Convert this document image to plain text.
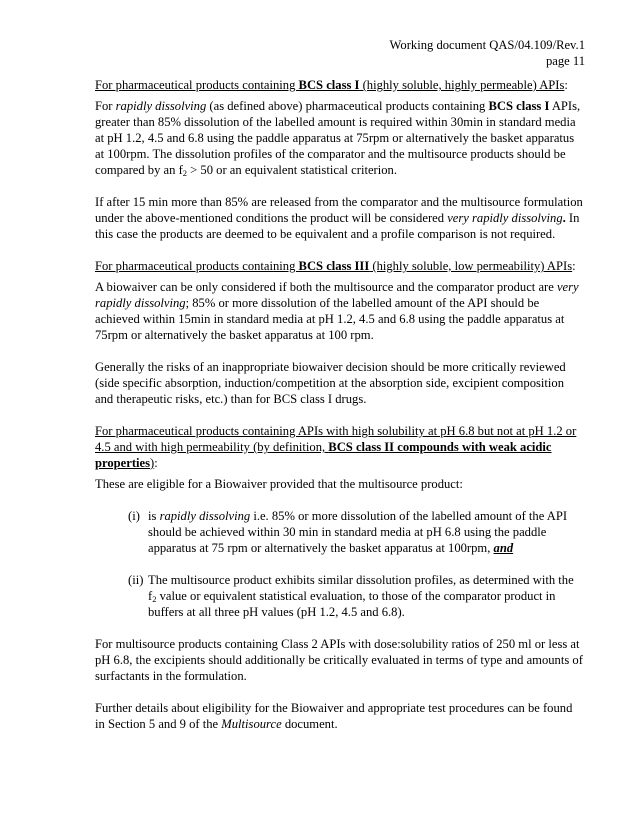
Working document QAS/04.109/Rev.1
page 11

For pharmaceutical products containing BCS class I (highly soluble, highly permeable) APIs:

For rapidly dissolving (as defined above) pharmaceutical products containing BCS class I APIs, greater than 85% dissolution of the labelled amount is required within 30min in standard media at pH 1.2, 4.5 and 6.8 using the paddle apparatus at 75rpm or alternatively the basket apparatus at 100rpm. The dissolution profiles of the comparator and the multisource products should be compared by an $f_2 > 50$ or an equivalent statistical criterion.

If after 15 min more than 85% are released from the comparator and the multisource formulation under the above-mentioned conditions the product will be considered very rapidly dissolving. In this case the products are deemed to be equivalent and a profile comparison is not required.

For pharmaceutical products containing BCS class III (highly soluble, low permeability) APIs:

A biowaiver can be only considered if both the multisource and the comparator product are very rapidly dissolving; 85% or more dissolution of the labelled amount of the API should be achieved within 15min in standard media at pH 1.2, 4.5 and 6.8 using the paddle apparatus at 75rpm or alternatively the basket apparatus at 100 rpm.

Generally the risks of an inappropriate biowaiver decision should be more critically reviewed (side specific absorption, induction/competition at the absorption side, excipient composition and therapeutic risks, etc.) than for BCS class I drugs.

For pharmaceutical products containing APIs with high solubility at pH 6.8 but not at pH 1.2 or 4.5 and with high permeability (by definition, BCS class II compounds with weak acidic properties):

These are eligible for a Biowaiver provided that the multisource product:

(i) is rapidly dissolving i.e. 85% or more dissolution of the labelled amount of the API should be achieved within 30 min in standard media at pH 6.8 using the paddle apparatus at 75 rpm or alternatively the basket apparatus at 100rpm, and
(ii) The multisource product exhibits similar dissolution profiles, as determined with the $f_2$ value or equivalent statistical evaluation, to those of the comparator product in buffers at all three pH values (pH 1.2, 4.5 and 6.8).

For multisource products containing Class 2 APIs with dose:solubility ratios of 250 ml or less at pH 6.8, the excipients should additionally be critically evaluated in terms of type and amounts of surfactants in the formulation.

Further details about eligibility for the Biowaiver and appropriate test procedures can be found in Section 5 and 9 of the Multisource document.
